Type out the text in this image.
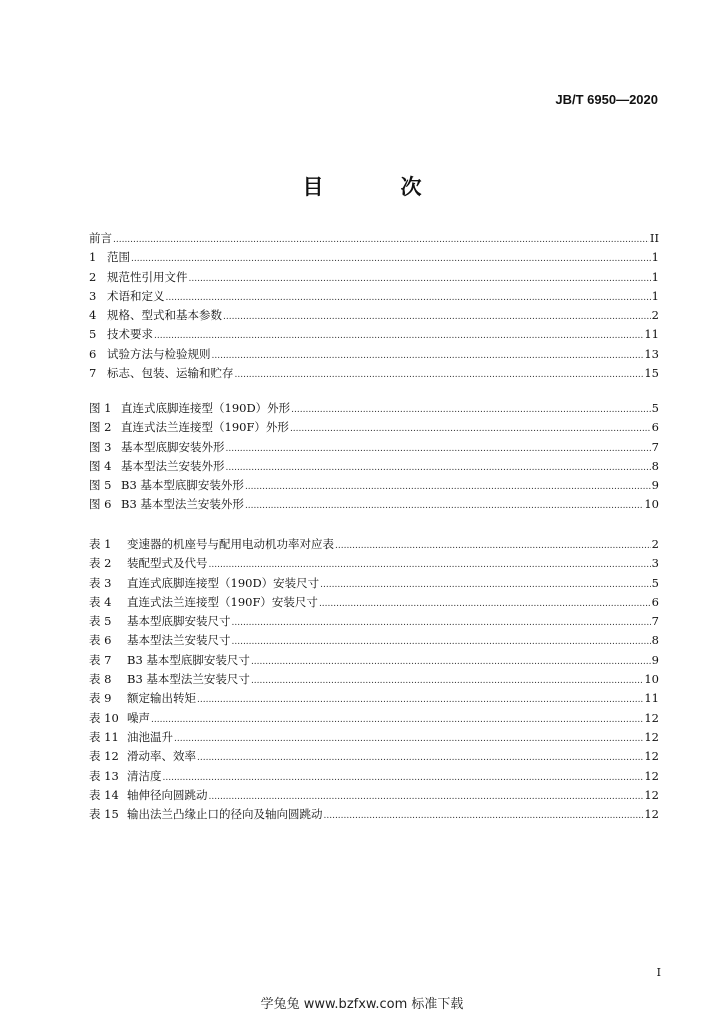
JB/T 6950—2020
目　次
前言 .....	II
1 范围 .....	1
2 规范性引用文件 .....	1
3 术语和定义 .....	1
4 规格、型式和基本参数 .....	2
5 技术要求 .....	11
6 试验方法与检验规则 .....	13
7 标志、包装、运输和贮存 .....	15
图 1 直连式底脚连接型（190D）外形 .....	5
图 2 直连式法兰连接型（190F）外形 .....	6
图 3 基本型底脚安装外形 .....	7
图 4 基本型法兰安装外形 .....	8
图 5 B3 基本型底脚安装外形 .....	9
图 6 B3 基本型法兰安装外形 .....	10
表 1	变速器的机座号与配用电动机功率对应表 .....	2
表 2	装配型式及代号 .....	3
表 3	直连式底脚连接型（190D）安装尺寸 .....	5
表 4	直连式法兰连接型（190F）安装尺寸 .....	6
表 5	基本型底脚安装尺寸 .....	7
表 6	基本型法兰安装尺寸 .....	8
表 7	B3 基本型底脚安装尺寸 .....	9
表 8	B3 基本型法兰安装尺寸 .....	10
表 9	额定输出转矩 .....	11
表 10 噪声 .....	12
表 11 油池温升 .....	12
表 12 滑动率、效率 .....	12
表 13 清洁度 .....	12
表 14 轴伸径向圆跳动 .....	12
表 15 输出法兰凸缘止口的径向及轴向圆跳动 .....	12
I
学兔兔 www.bzfxw.com 标准下载
